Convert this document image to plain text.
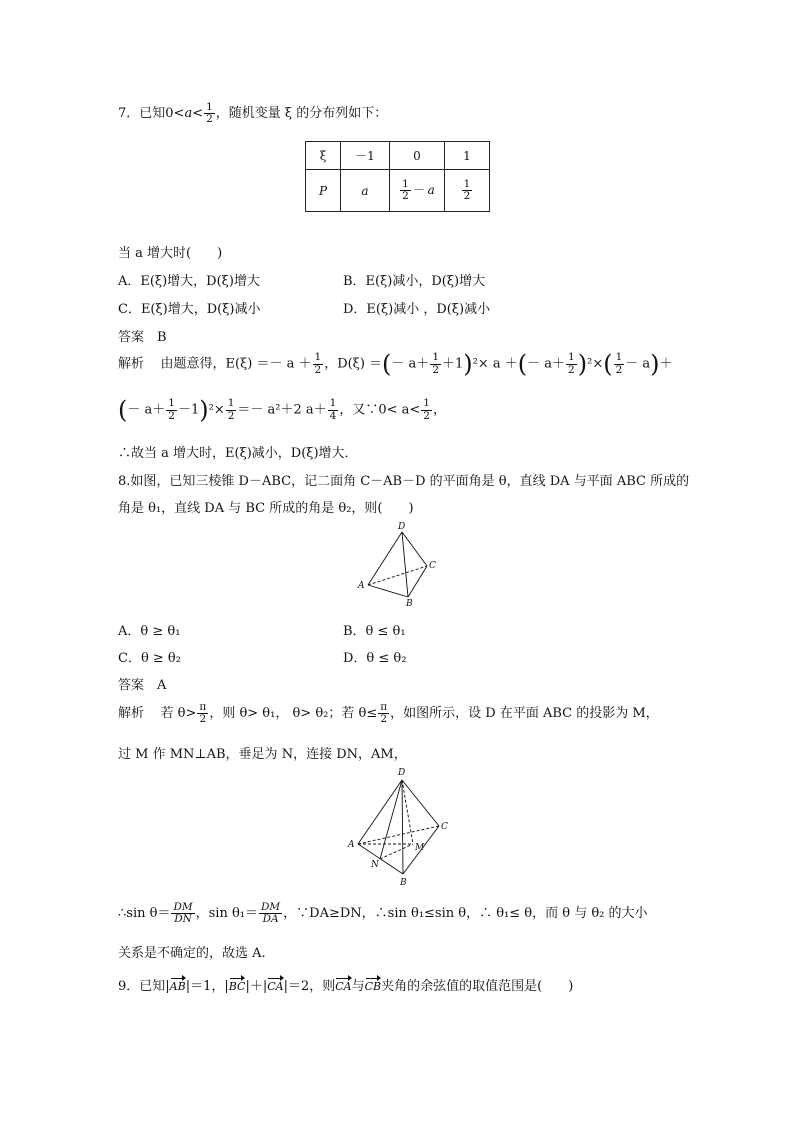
7．已知$0<a< \frac{1}{2}$ ，随机变量 ξ 的分布列如下：
ξ	－1	0	1
P	a	$\frac{1}{2} - a$	$\frac{1}{2}$
当 a 增大时(　　)
A．E(ξ)增大，D(ξ)增大	B．E(ξ)减小，D(ξ)增大
C．E(ξ)增大，D(ξ)减小	D．E(ξ)减小 ，D(ξ)减小
答案　B
解析 由题意得，$E(\xi) =- a + \frac{1}{2}$ ，D(ξ) ＝(－ $a+ \frac{1}{2} +1)^2\times a$ ＋(－ $a+ \frac{1}{2} )^2\times( \frac{1}{2} - a)+$
(－ $a+ \frac{1}{2} -1)^2\times \frac{1}{2} =- a^2+2$ $a+ \frac{1}{4}$ ，又∵0< $a< \frac{1}{2}$ ，
∴故当 a 增大时，E(ξ)减小，D(ξ)增大．
8.如图，已知三棱锥 D－ABC，记二面角 C－AB－D 的平面角是 θ，直线 DA 与平面 ABC 所成的
角是 θ₁，直线 DA 与 BC 所成的角是 θ₂，则(　　)
D
A
B
C
A．θ ≥ θ₁	B．θ ≤ θ₁
C．θ ≥ θ₂	D．θ ≤ θ₂
答案　A
解析 若 $\theta> \frac{\pi}{2}$ ，则 θ> θ₁， θ> θ₂；若 $\theta\le \frac{\pi}{2}$ ，如图所示，设 D 在平面 ABC 的投影为 M，
过 M 作 MN⊥AB，垂足为 N，连接 DN，AM，
D
A
B
C
M
N
∴sin $\theta= \frac{DM}{DN}$ ，$\sin \theta_1= \frac{DM}{DA}$ ，∵DA≥DN，∴sin θ₁≤sin θ，∴ θ₁≤ θ，而 θ 与 θ₂ 的大小
关系是不确定的，故选 A.
9．已知|AB|＝1，|BC|＋|CA|＝2，则CA与CB夹角的余弦值的取值范围是(　　)
